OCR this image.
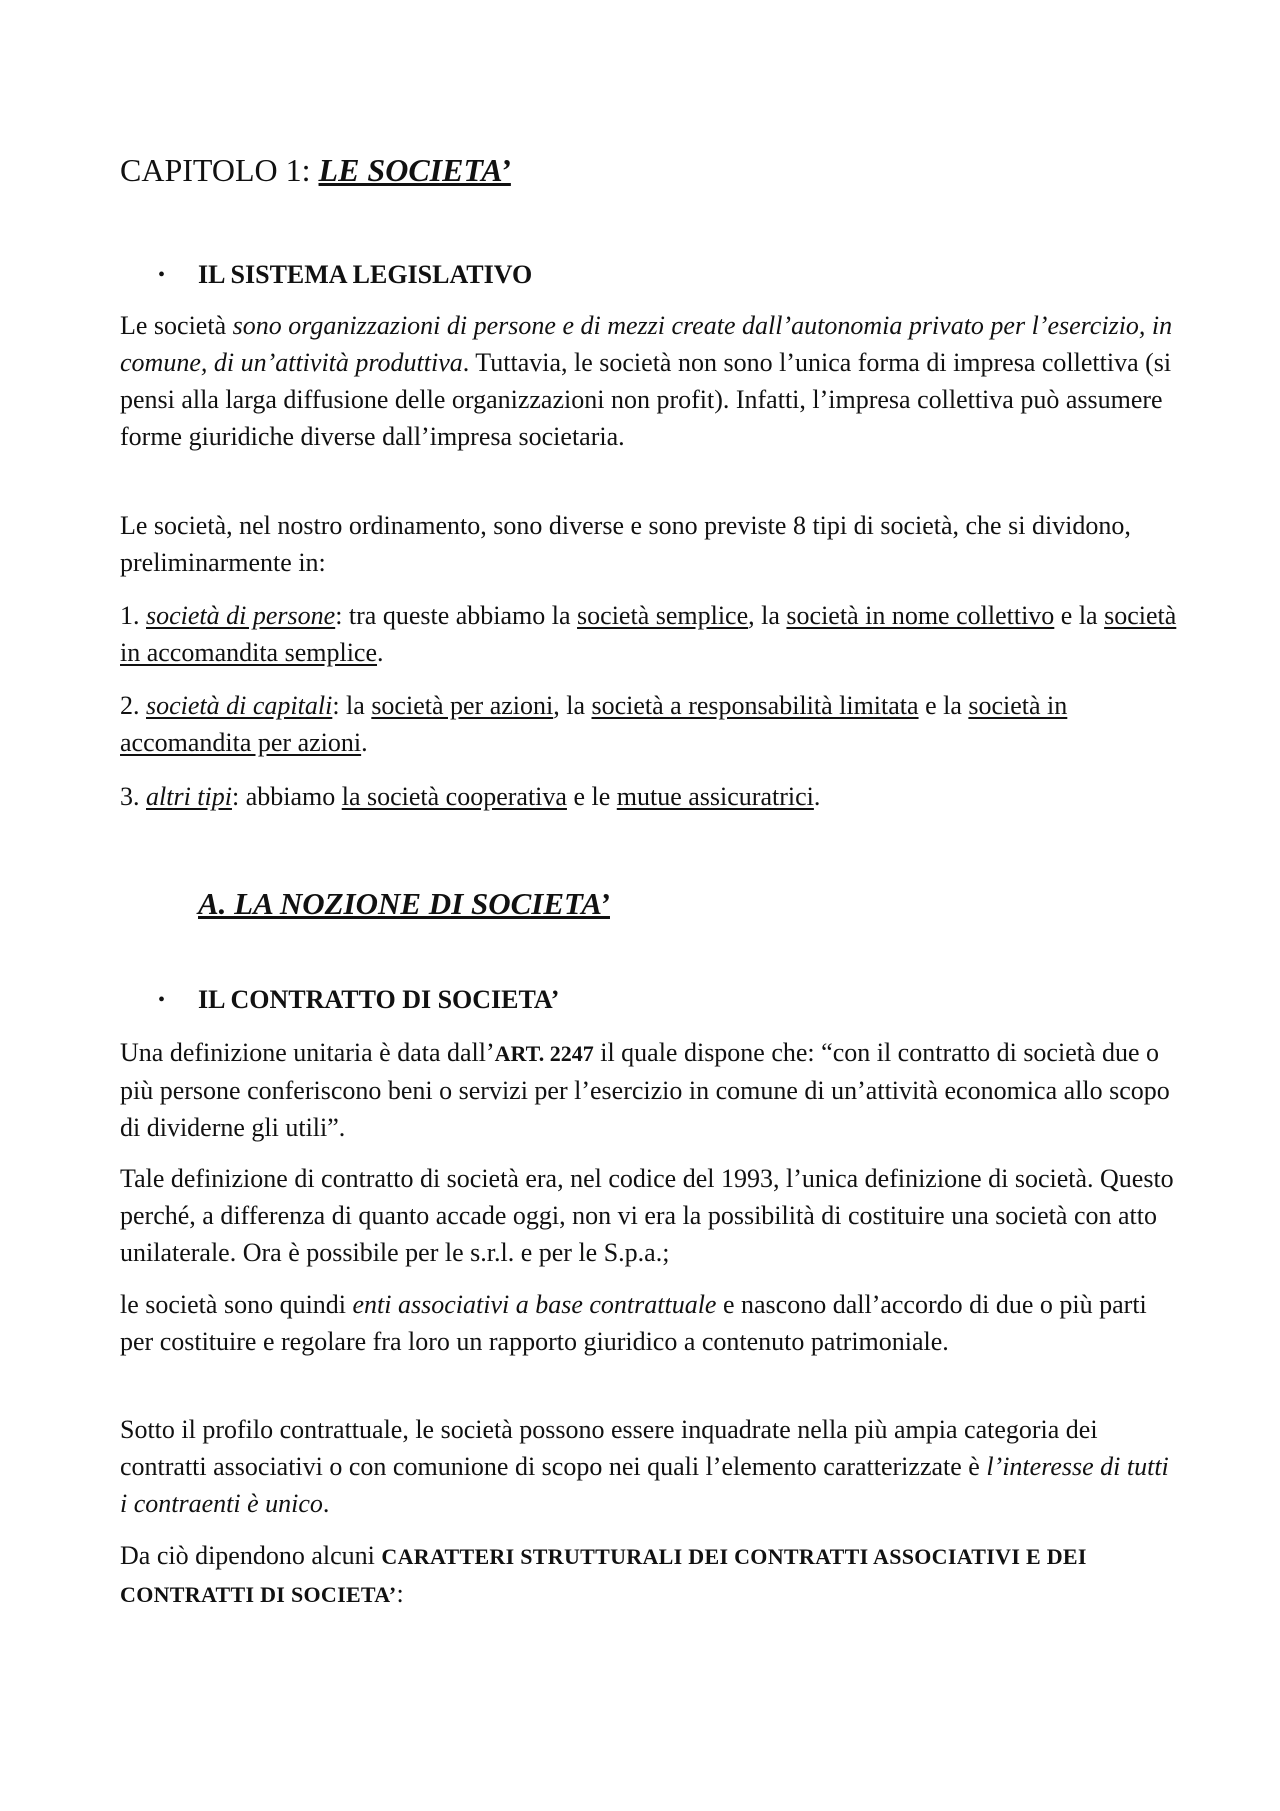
CAPITOLO 1: LE SOCIETA’
• IL SISTEMA LEGISLATIVO

Le società sono organizzazioni di persone e di mezzi create dall’autonomia privato per l’esercizio, in comune, di un’attività produttiva. Tuttavia, le società non sono l’unica forma di impresa collettiva (si pensi alla larga diffusione delle organizzazioni non profit). Infatti, l’impresa collettiva può assumere forme giuridiche diverse dall’impresa societaria.

Le società, nel nostro ordinamento, sono diverse e sono previste 8 tipi di società, che si dividono, preliminarmente in:

1. società di persone: tra queste abbiamo la società semplice, la società in nome collettivo e la società in accomandita semplice.

2. società di capitali: la società per azioni, la società a responsabilità limitata e la società in accomandita per azioni.

3. altri tipi: abbiamo la società cooperativa e le mutue assicuratrici.

A. LA NOZIONE DI SOCIETA’
• IL CONTRATTO DI SOCIETA’

Una definizione unitaria è data dall’ART. 2247 il quale dispone che: “con il contratto di società due o più persone conferiscono beni o servizi per l’esercizio in comune di un’attività economica allo scopo di dividerne gli utili”.

Tale definizione di contratto di società era, nel codice del 1993, l’unica definizione di società. Questo perché, a differenza di quanto accade oggi, non vi era la possibilità di costituire una società con atto unilaterale. Ora è possibile per le s.r.l. e per le S.p.a.;

le società sono quindi enti associativi a base contrattuale e nascono dall’accordo di due o più parti per costituire e regolare fra loro un rapporto giuridico a contenuto patrimoniale.

Sotto il profilo contrattuale, le società possono essere inquadrate nella più ampia categoria dei contratti associativi o con comunione di scopo nei quali l’elemento caratterizzate è l’interesse di tutti i contraenti è unico.

Da ciò dipendono alcuni CARATTERI STRUTTURALI DEI CONTRATTI ASSOCIATIVI E DEI CONTRATTI DI SOCIETA’:
